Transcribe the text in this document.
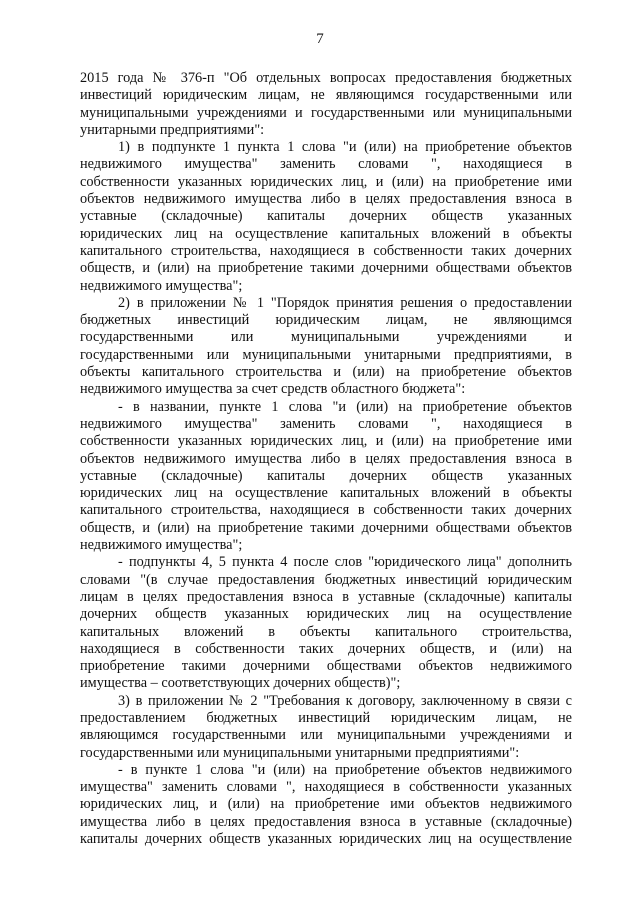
7
2015 года № 376-п "Об отдельных вопросах предоставления бюджетных
инвестиций юридическим лицам, не являющимся государственными или
муниципальными учреждениями и государственными или муниципальными
унитарными предприятиями":
1) в подпункте 1 пункта 1 слова "и (или) на приобретение объектов
недвижимого имущества" заменить словами ", находящиеся в
собственности указанных юридических лиц, и (или) на приобретение ими
объектов недвижимого имущества либо в целях предоставления взноса в
уставные (складочные) капиталы дочерних обществ указанных
юридических лиц на осуществление капитальных вложений в объекты
капитального строительства, находящиеся в собственности таких дочерних
обществ, и (или) на приобретение такими дочерними обществами объектов
недвижимого имущества";
2) в приложении № 1 "Порядок принятия решения о предоставлении
бюджетных инвестиций юридическим лицам, не являющимся
государственными или муниципальными учреждениями и
государственными или муниципальными унитарными предприятиями, в
объекты капитального строительства и (или) на приобретение объектов
недвижимого имущества за счет средств областного бюджета":
- в названии, пункте 1 слова "и (или) на приобретение объектов
недвижимого имущества" заменить словами ", находящиеся в
собственности указанных юридических лиц, и (или) на приобретение ими
объектов недвижимого имущества либо в целях предоставления взноса в
уставные (складочные) капиталы дочерних обществ указанных
юридических лиц на осуществление капитальных вложений в объекты
капитального строительства, находящиеся в собственности таких дочерних
обществ, и (или) на приобретение такими дочерними обществами объектов
недвижимого имущества";
- подпункты 4, 5 пункта 4 после слов "юридического лица" дополнить
словами "(в случае предоставления бюджетных инвестиций юридическим
лицам в целях предоставления взноса в уставные (складочные) капиталы
дочерних обществ указанных юридических лиц на осуществление
капитальных вложений в объекты капитального строительства,
находящиеся в собственности таких дочерних обществ, и (или) на
приобретение такими дочерними обществами объектов недвижимого
имущества – соответствующих дочерних обществ)";
3) в приложении № 2 "Требования к договору, заключенному в связи с
предоставлением бюджетных инвестиций юридическим лицам, не
являющимся государственными или муниципальными учреждениями и
государственными или муниципальными унитарными предприятиями":
- в пункте 1 слова "и (или) на приобретение объектов недвижимого
имущества" заменить словами ", находящиеся в собственности указанных
юридических лиц, и (или) на приобретение ими объектов недвижимого
имущества либо в целях предоставления взноса в уставные (складочные)
капиталы дочерних обществ указанных юридических лиц на осуществление
